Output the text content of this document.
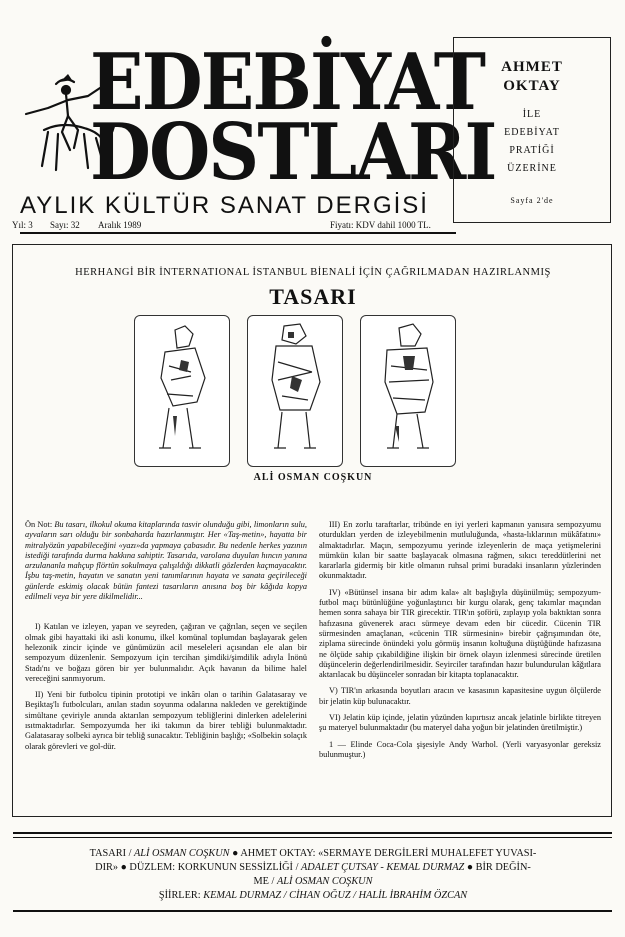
EDEBİYAT
DOSTLARI
AYLIK KÜLTÜR SANAT DERGİSİ
AHMET
OKTAY
İLE
EDEBİYAT
PRATİĞİ
ÜZERİNE
Sayfa 2'de
Yıl: 3 Sayı: 32 Aralık 1989	Fiyatı: KDV dahil 1000 TL.
HERHANGİ BİR İNTERNATIONAL İSTANBUL BİENALİ İÇİN ÇAĞRILMADAN HAZIRLANMIŞ
TASARI
ALİ OSMAN COŞKUN

Ön Not: Bu tasarı, ilkokul okuma kitaplarında tasvir olunduğu gibi, limonların sulu, ayvaların sarı olduğu bir sonbaharda hazırlanmıştır. Her «Taş-metin», hayatta bir mitralyözün yapabileceğini «yazı»da yapmaya çabasıdır. Bu nedenle herkes yazının istediği tarafında durma hakkına sahiptir. Tasarıda, varolana duyulan hıncın yanına arzulananla mahçup flörtün sokulmaya çalışıldığı dikkatli gözlerden kaçmayacaktır. İşbu taş-metin, hayatın ve sanatın yeni tanımlarının hayata ve sanata geçirileceği günlerde eskimiş olacak bütün fantezi tasarıların anısına boş bir kâğıda kopya edilmeli veya bir yere dikilmelidir...

I) Katılan ve izleyen, yapan ve seyreden, çağıran ve çağrılan, seçen ve seçilen olmak gibi hayattaki iki asli konumu, ilkel komünal toplumdan başlayarak gelen helezonik zincir içinde ve günümüzün acil meseleleri açısından ele alan bir sempozyum düzenlenir. Sempozyum için tercihan şimdiki/şimdilik adıyla İnönü Stadı'nı ve boğazı gören bir yer bulunmalıdır. Açık havanın da bilime halel vereceğini sanmıyorum.

II) Yeni bir futbolcu tipinin prototipi ve inkârı olan o tarihin Galatasaray ve Beşiktaş'lı futbolcuları, anılan stadın soyunma odalarına nakleden ve gerektiğinde simültane çeviriyle anında aktarılan sempozyum tebliğlerini dinlerken adelelerini ısıtmaktadırlar. Sempozyumda her iki takımın da birer tebliği bulunmaktadır. Galatasaray solbeki ayrıca bir tebliğ sunacaktır. Tebliğinin başlığı; «Solbekin solaçık olarak görevleri ve gol-dür.

III) En zorlu taraftarlar, tribünde en iyi yerleri kapmanın yanısıra sempozyumu oturdukları yerden de izleyebilmenin mutluluğunda, «hasta-lıklarının mükâfatını» almaktadırlar. Maçın, sempozyumu yerinde izleyenlerin de maça yetişmelerini mümkün kılan bir saatte başlayacak olmasına rağmen, sıkıcı tereddütlerini net kararlarla gidermiş bir kitle olmanın ruhsal primi buradaki insanların yüzlerinden okunmaktadır.

IV) «Bütünsel insana bir adım kala» alt başlığıyla düşünülmüş; sempozyum-futbol maçı bütünlüğüne yoğunlaştırıcı bir kurgu olarak, genç takımlar maçından hemen sonra sahaya bir TIR girecektir. TIR'ın şoförü, zıplayıp yola baktıktan sonra hafızasına güvenerek aracı sürmeye devam eden bir cücedir. Cücenin TIR sürmesinden amaçlanan, «cücenin TIR sürmesinin» birebir çağrışımından öte, ziplama sürecinde önündeki yolu görmüş insanın koltuğuna düştüğünde hafızasına ne ölçüde sahip çıkabildiğine ilişkin bir örnek olayın izlenmesi sürecinde üretilen düşüncelerin değerlendirilmesidir. Seyirciler tarafından hazır bulundurulan kâğıtlara aktarılacak bu düşünceler sonradan bir kitapta toplanacaktır.

V) TIR'ın arkasında boyutları aracın ve kasasının kapasitesine uygun ölçülerde bir jelatin küp bulunacaktır.

VI) Jelatin küp içinde, jelatin yüzünden kıpırtısız ancak jelatinle birlikte titreyen şu materyel bulunmaktadır (bu materyel daha yoğun bir jelatinden üretilmiştir.)

1 — Elinde Coca-Cola şişesiyle Andy Warhol. (Yerli varyasyonlar gereksiz bulunmuştur.)

TASARI / ALİ OSMAN COŞKUN ● AHMET OKTAY: «SERMAYE DERGİLERİ MUHALEFET YUVASI-
DIR» ● DÜZLEM: KORKUNUN SESSİZLİĞİ / ADALET ÇUTSAY - KEMAL DURMAZ ● BİR DEĞİN-
ME / ALİ OSMAN COŞKUN
ŞİİRLER: KEMAL DURMAZ / CİHAN OĞUZ / HALİL İBRAHİM ÖZCAN
